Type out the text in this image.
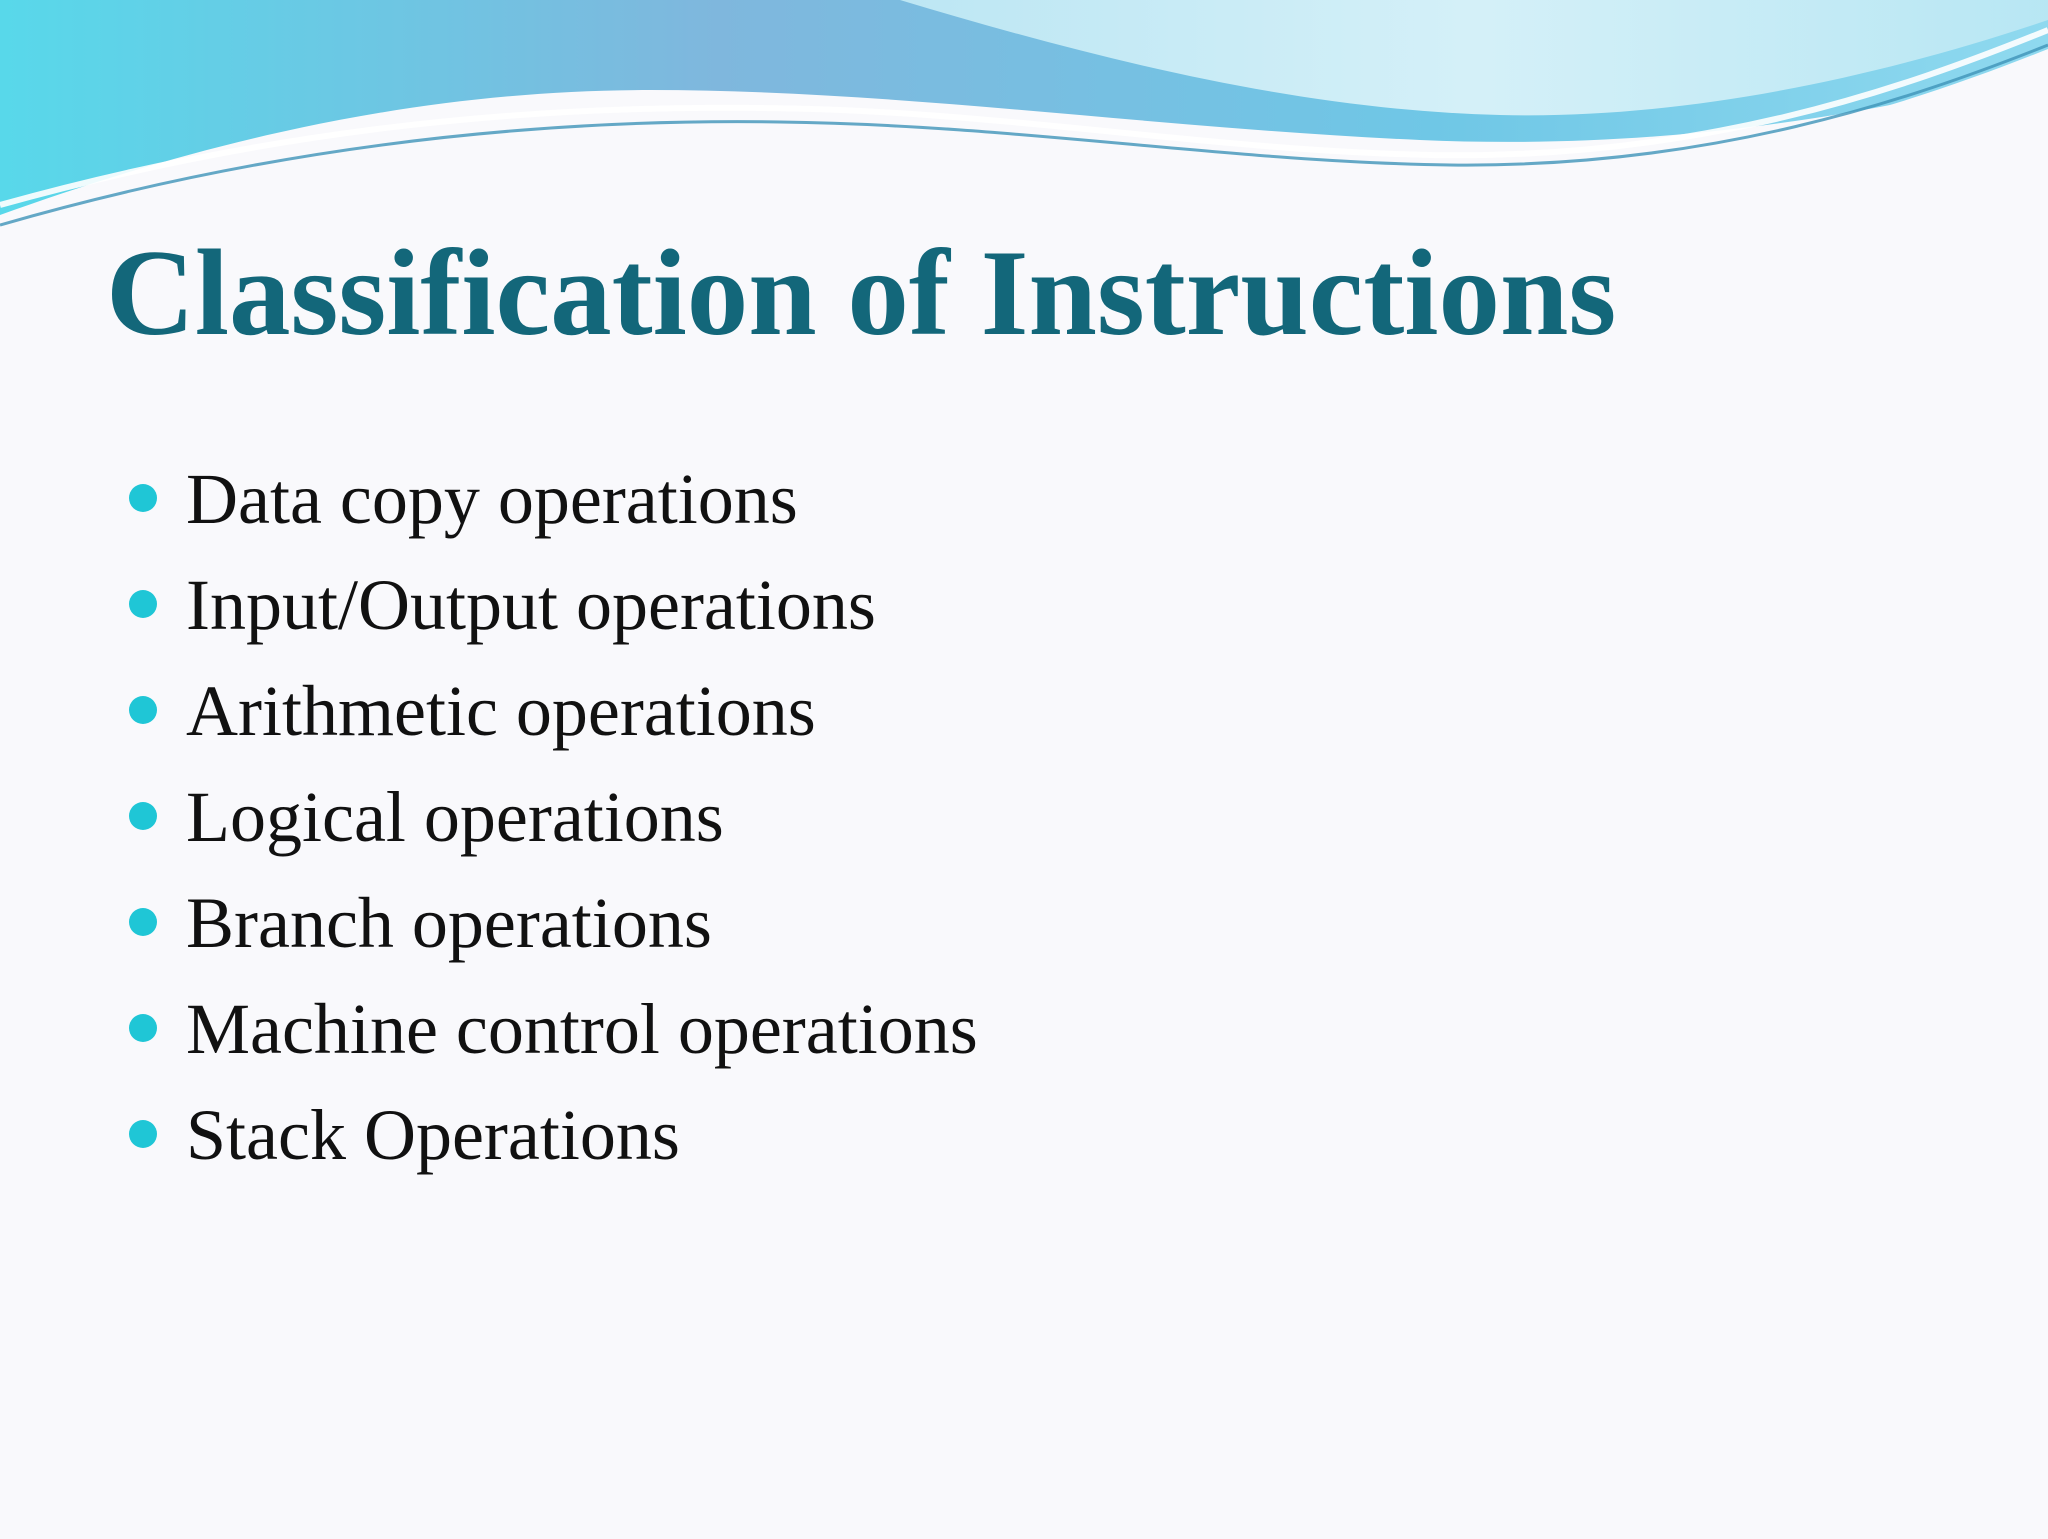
Classification of Instructions
Data copy operations
Input/Output operations
Arithmetic operations
Logical operations
Branch operations
Machine control operations
Stack Operations
